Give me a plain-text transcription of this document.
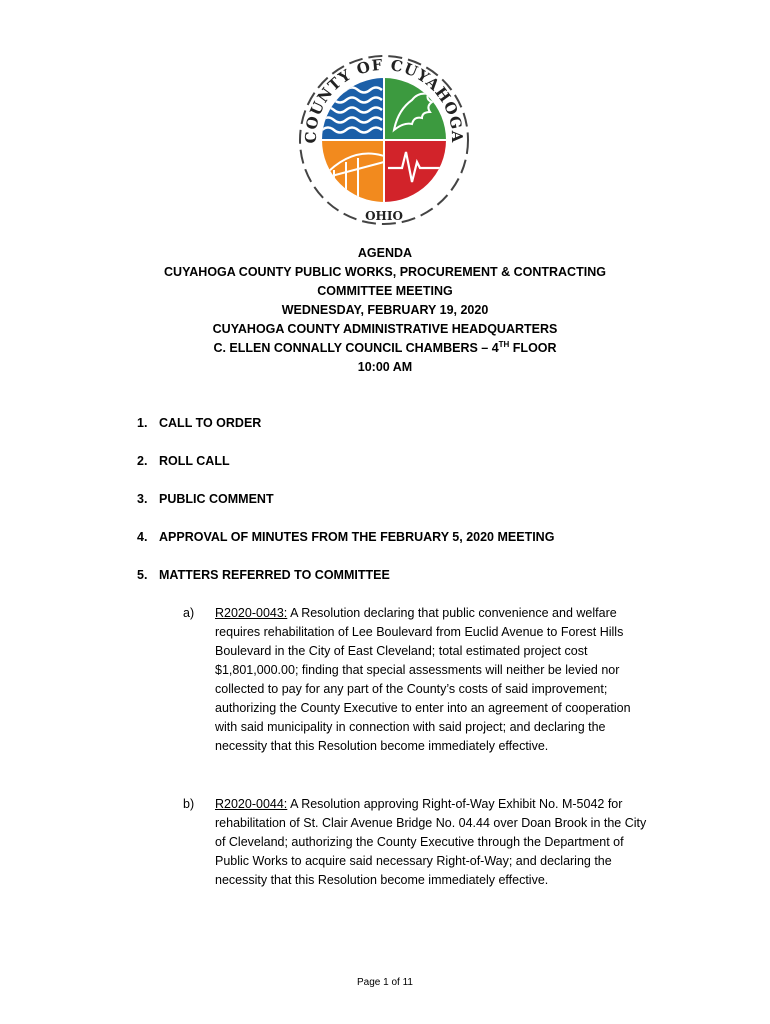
COUNTY OF CUYAHOGA
OHIO
AGENDA
CUYAHOGA COUNTY PUBLIC WORKS, PROCUREMENT & CONTRACTING
COMMITTEE MEETING
WEDNESDAY, FEBRUARY 19, 2020
CUYAHOGA COUNTY ADMINISTRATIVE HEADQUARTERS
C. ELLEN CONNALLY COUNCIL CHAMBERS – 4TH FLOOR
10:00 AM
1. CALL TO ORDER
2. ROLL CALL
3. PUBLIC COMMENT
4. APPROVAL OF MINUTES FROM THE FEBRUARY 5, 2020 MEETING
5. MATTERS REFERRED TO COMMITTEE
a) R2020-0043: A Resolution declaring that public convenience and welfare requires rehabilitation of Lee Boulevard from Euclid Avenue to Forest Hills Boulevard in the City of East Cleveland; total estimated project cost $1,801,000.00; finding that special assessments will neither be levied nor collected to pay for any part of the County’s costs of said improvement; authorizing the County Executive to enter into an agreement of cooperation with said municipality in connection with said project; and declaring the necessity that this Resolution become immediately effective.
b) R2020-0044: A Resolution approving Right-of-Way Exhibit No. M-5042 for rehabilitation of St. Clair Avenue Bridge No. 04.44 over Doan Brook in the City of Cleveland; authorizing the County Executive through the Department of Public Works to acquire said necessary Right-of-Way; and declaring the necessity that this Resolution become immediately effective.
Page 1 of 11
